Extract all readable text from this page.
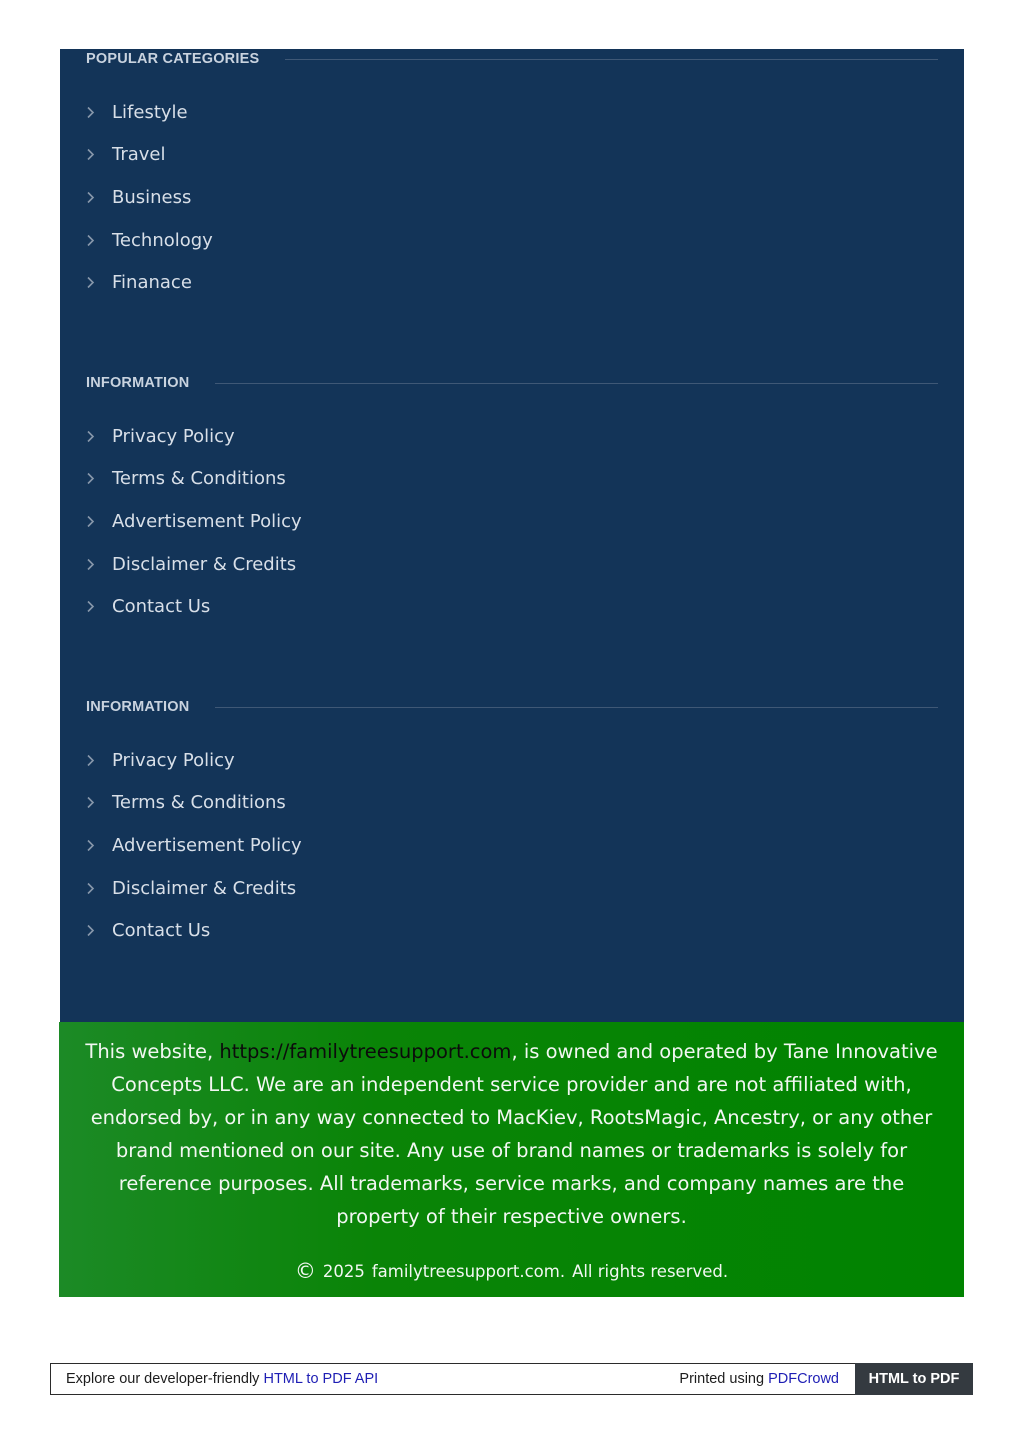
POPULAR CATEGORIES
Lifestyle
Travel
Business
Technology
Finanace
INFORMATION
Privacy Policy
Terms & Conditions
Advertisement Policy
Disclaimer & Credits
Contact Us
INFORMATION
Privacy Policy
Terms & Conditions
Advertisement Policy
Disclaimer & Credits
Contact Us

This website, https://familytreesupport.com, is owned and operated by Tane Innovative Concepts LLC. We are an independent service provider and are not affiliated with, endorsed by, or in any way connected to MacKiev, RootsMagic, Ancestry, or any other brand mentioned on our site. Any use of brand names or trademarks is solely for reference purposes. All trademarks, service marks, and company names are the property of their respective owners.

© 2025 familytreesupport.com. All rights reserved.
Explore our developer-friendly HTML to PDF API	Printed using PDFCrowd	HTML to PDF
